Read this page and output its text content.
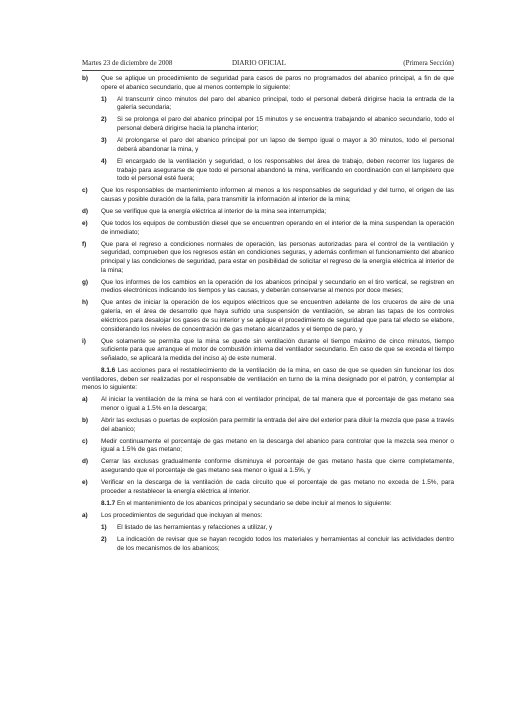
Martes 23 de diciembre de 2008	DIARIO OFICIAL	(Primera Sección)
b) Que se aplique un procedimiento de seguridad para casos de paros no programados del abanico principal, a fin de que opere el abanico secundario, que al menos contemple lo siguiente:
1) Al transcurrir cinco minutos del paro del abanico principal, todo el personal deberá dirigirse hacia la entrada de la galería secundaria;
2) Si se prolonga el paro del abanico principal por 15 minutos y se encuentra trabajando el abanico secundario, todo el personal deberá dirigirse hacia la plancha interior;
3) Al prolongarse el paro del abanico principal por un lapso de tiempo igual o mayor a 30 minutos, todo el personal deberá abandonar la mina, y
4) El encargado de la ventilación y seguridad, o los responsables del área de trabajo, deben recorrer los lugares de trabajo para asegurarse de que todo el personal abandonó la mina, verificando en coordinación con el lampistero que todo el personal esté fuera;
c) Que los responsables de mantenimiento informen al menos a los responsables de seguridad y del turno, el origen de las causas y posible duración de la falla, para transmitir la información al interior de la mina;
d) Que se verifique que la energía eléctrica al interior de la mina sea interrumpida;
e) Que todos los equipos de combustión diesel que se encuentren operando en el interior de la mina suspendan la operación de inmediato;
f) Que para el regreso a condiciones normales de operación, las personas autorizadas para el control de la ventilación y seguridad, comprueben que los regresos están en condiciones seguras, y además confirmen el funcionamiento del abanico principal y las condiciones de seguridad, para estar en posibilidad de solicitar el regreso de la energía eléctrica al interior de la mina;
g) Que los informes de los cambios en la operación de los abanicos principal y secundario en el tiro vertical, se registren en medios electrónicos indicando los tiempos y las causas, y deberán conservarse al menos por doce meses;
h) Que antes de iniciar la operación de los equipos eléctricos que se encuentren adelante de los cruceros de aire de una galería, en el área de desarrollo que haya sufrido una suspensión de ventilación, se abran las tapas de los controles eléctricos para desalojar los gases de su interior y se aplique el procedimiento de seguridad que para tal efecto se elabore, considerando los niveles de concentración de gas metano alcanzados y el tiempo de paro, y
i) Que solamente se permita que la mina se quede sin ventilación durante el tiempo máximo de cinco minutos, tiempo suficiente para que arranque el motor de combustión interna del ventilador secundario. En caso de que se exceda el tiempo señalado, se aplicará la medida del inciso a) de este numeral.

8.1.6 Las acciones para el restablecimiento de la ventilación de la mina, en caso de que se queden sin funcionar los dos ventiladores, deben ser realizadas por el responsable de ventilación en turno de la mina designado por el patrón, y contemplar al menos lo siguiente:

a) Al iniciar la ventilación de la mina se hará con el ventilador principal, de tal manera que el porcentaje de gas metano sea menor o igual a 1.5% en la descarga;
b) Abrir las exclusas o puertas de explosión para permitir la entrada del aire del exterior para diluir la mezcla que pase a través del abanico;
c) Medir continuamente el porcentaje de gas metano en la descarga del abanico para controlar que la mezcla sea menor o igual a 1.5% de gas metano;
d) Cerrar las exclusas gradualmente conforme disminuya el porcentaje de gas metano hasta que cierre completamente, asegurando que el porcentaje de gas metano sea menor o igual a 1.5%, y
e) Verificar en la descarga de la ventilación de cada circuito que el porcentaje de gas metano no exceda de 1.5%, para proceder a restablecer la energía eléctrica al interior.

8.1.7 En el mantenimiento de los abanicos principal y secundario se debe incluir al menos lo siguiente:

a) Los procedimientos de seguridad que incluyan al menos:
1) El listado de las herramientas y refacciones a utilizar, y
2) La indicación de revisar que se hayan recogido todos los materiales y herramientas al concluir las actividades dentro de los mecanismos de los abanicos;
